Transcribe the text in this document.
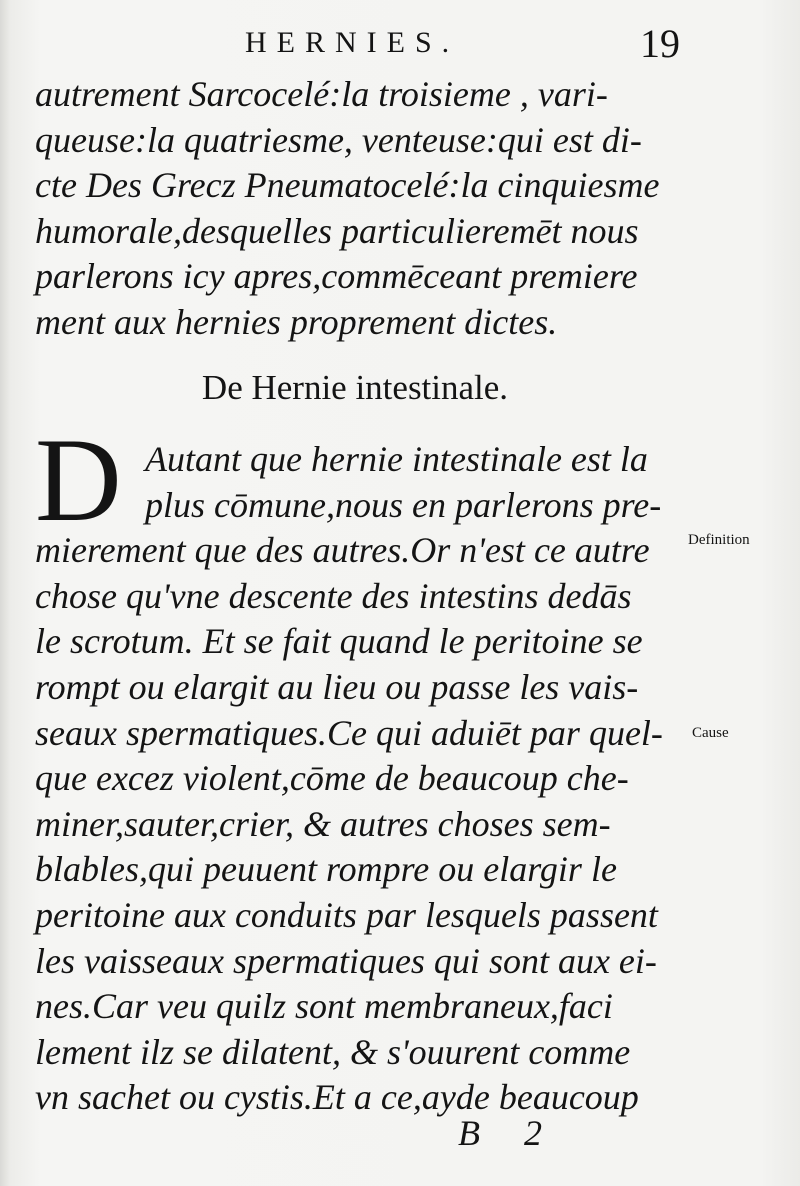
HERNIES.	19
autrement Sarcocelé:la troisieme , vari-
queuse:la quatriesme, venteuse:qui est di-
cte Des Grecz Pneumatocelé:la cinquiesme
humorale,desquelles particulieremēt nous
parlerons icy apres,commēceant premiere
ment aux hernies proprement dictes.
De Hernie intestinale.
D Autant que hernie intestinale est la
plus cōmune,nous en parlerons pre-
mierement que des autres.Or n'est ce autre
chose qu'vne descente des intestins dedās
le scrotum. Et se fait quand le peritoine se
rompt ou elargit au lieu ou passe les vais-
seaux spermatiques.Ce qui aduiēt par quel-
que excez violent,cōme de beaucoup che-
miner,sauter,crier, & autres choses sem-
blables,qui peuuent rompre ou elargir le
peritoine aux conduits par lesquels passent
les vaisseaux spermatiques qui sont aux ei-
nes.Car veu quilz sont membraneux,faci
lement ilz se dilatent, & s'ouurent comme
vn sachet ou cystis.Et a ce,ayde beaucoup
Definition
Cause
B 2
